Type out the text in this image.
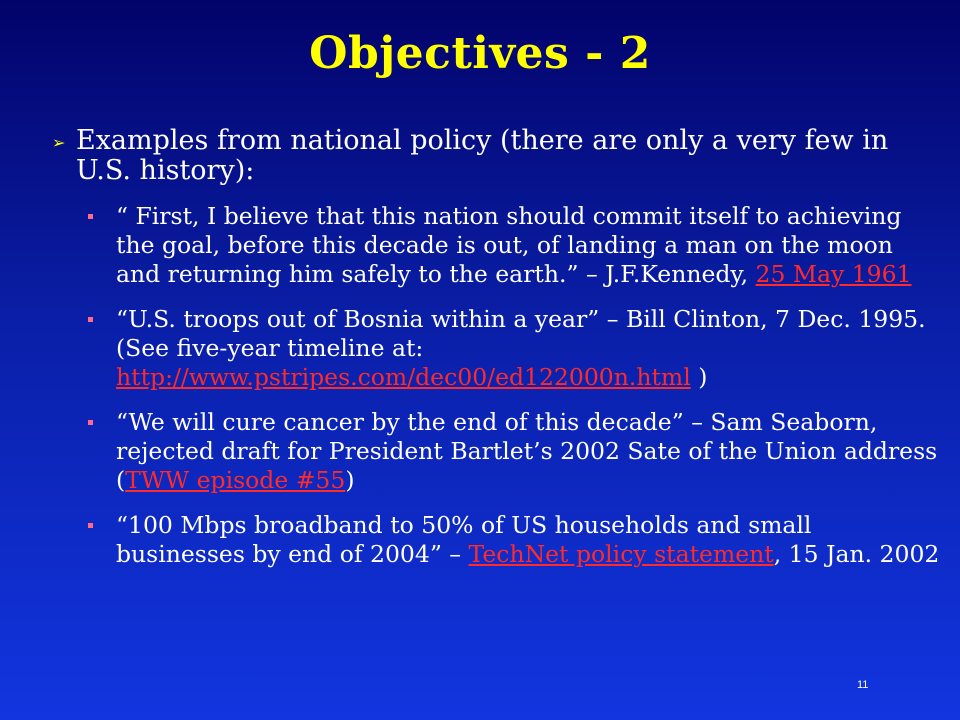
Objectives - 2
➢ Examples from national policy (there are only a very few in U.S. history):
“ First, I believe that this nation should commit itself to achieving the goal, before this decade is out, of landing a man on the moon and returning him safely to the earth.” – J.F.Kennedy, 25 May 1961
“U.S. troops out of Bosnia within a year” – Bill Clinton, 7 Dec. 1995. (See five-year timeline at: http://www.pstripes.com/dec00/ed122000n.html )
“We will cure cancer by the end of this decade” – Sam Seaborn, rejected draft for President Bartlet’s 2002 Sate of the Union address (TWW episode #55)
“100 Mbps broadband to 50% of US households and small businesses by end of 2004” – TechNet policy statement, 15 Jan. 2002
11
